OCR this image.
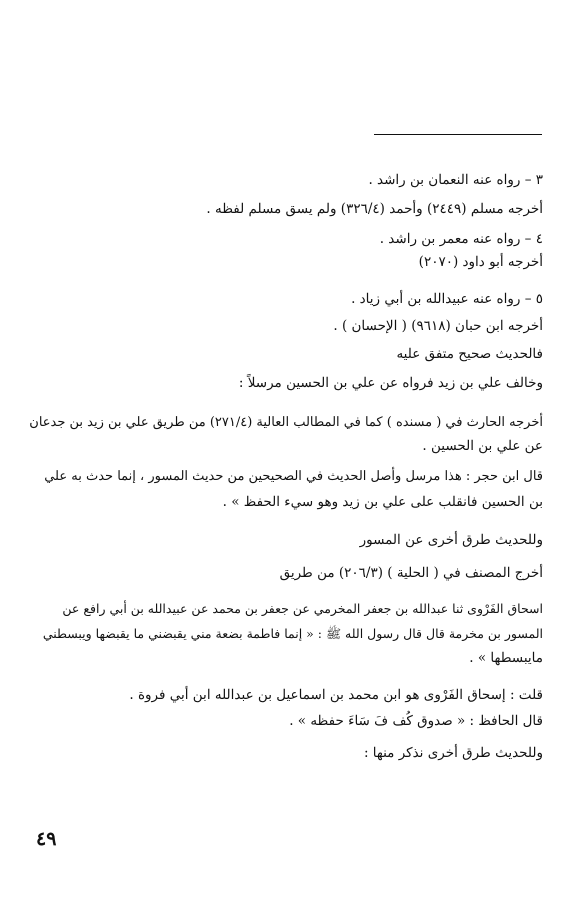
٣ – رواه عنه النعمان بن راشد .
أخرجه مسلم (٢٤٤٩) وأحمد (٣٢٦/٤) ولم يسق مسلم لفظه .
٤ – رواه عنه معمر بن راشد .
أخرجه أبو داود (٢٠٧٠)
٥ – رواه عنه عبيدالله بن أبي زياد .
أخرجه ابن حبان (٩٦١٨) ( الإحسان ) .
فالحديث صحيح متفق عليه
وخالف علي بن زيد فرواه عن علي بن الحسين مرسلاً :
أخرجه الحارث في ( مسنده ) كما في المطالب العالية (٢٧١/٤) من طريق علي بن زيد بن جدعان
عن علي بن الحسين .
قال ابن حجر : هذا مرسل وأصل الحديث في الصحيحين من حديث المسور ، إنما حدث به علي
بن الحسين فانقلب على علي بن زيد وهو سيء الحفظ » .
وللحديث طرق أخرى عن المسور
أخرج المصنف في ( الحلية ) (٢٠٦/٣) من طريق
اسحاق الفَرْوى ثنا عبدالله بن جعفر المخرمي عن جعفر بن محمد عن عبيدالله بن أبي رافع عن
المسور بن مخرمة قال قال رسول الله ﷺ : « إنما فاطمة بضعة مني يقبضني ما يقبضها ويبسطني
مايبسطها » .
قلت : إسحاق الفَرْوى هو ابن محمد بن اسماعيل بن عبدالله ابن أبي فروة .
قال الحافظ : « صدوق كُف فَ سَاءَ حفظه » .
وللحديث طرق أخرى نذكر منها :
٤٩
